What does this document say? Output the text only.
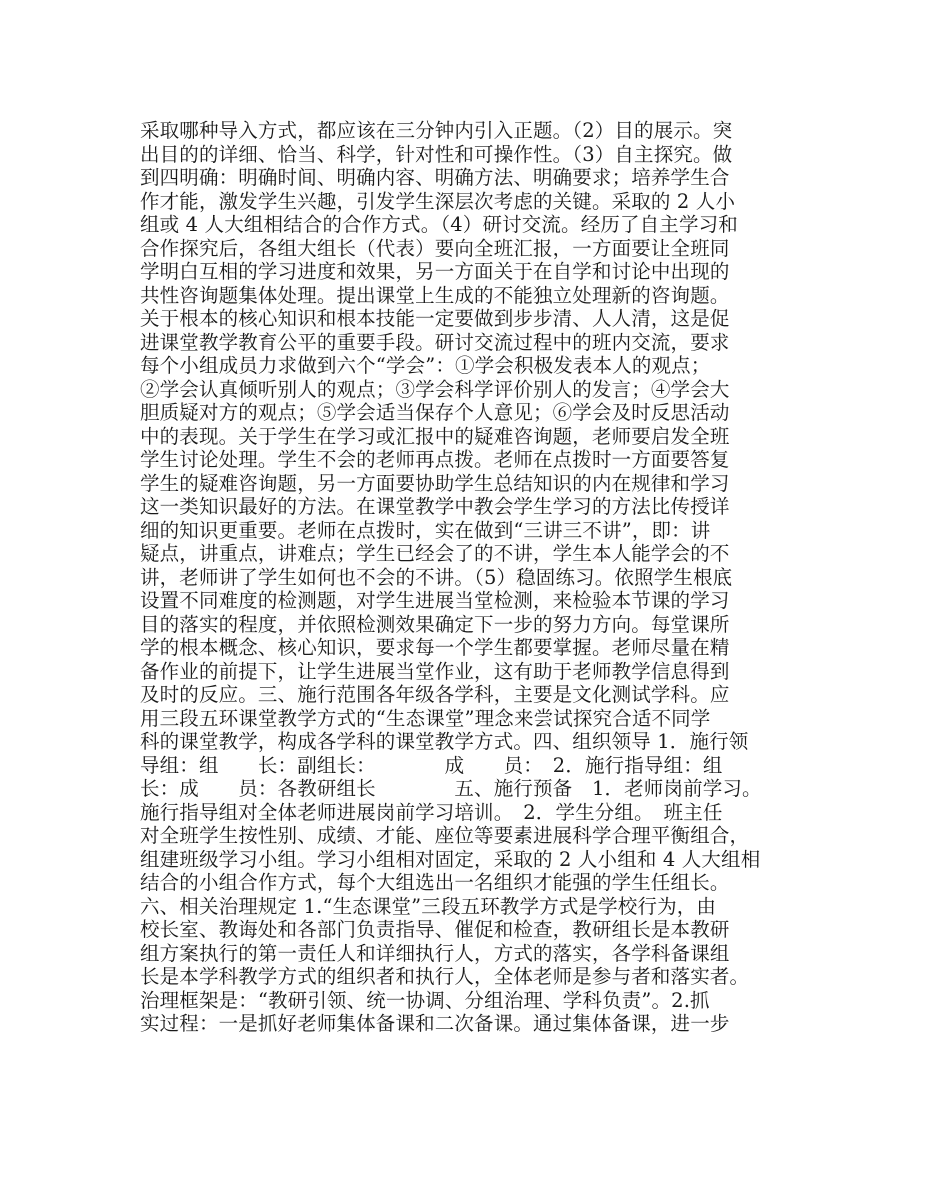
采取哪种导入方式，都应该在三分钟内引入正题。（2）目的展示。突
出目的的详细、恰当、科学，针对性和可操作性。（3）自主探究。做
到四明确：明确时间、明确内容、明确方法、明确要求；培养学生合
作才能，激发学生兴趣，引发学生深层次考虑的关键。采取的 2 人小
组或 4 人大组相结合的合作方式。（4）研讨交流。经历了自主学习和
合作探究后，各组大组长（代表）要向全班汇报，一方面要让全班同
学明白互相的学习进度和效果，另一方面关于在自学和讨论中出现的
共性咨询题集体处理。提出课堂上生成的不能独立处理新的咨询题。
关于根本的核心知识和根本技能一定要做到步步清、人人清，这是促
进课堂教学教育公平的重要手段。研讨交流过程中的班内交流，要求
每个小组成员力求做到六个“学会”：①学会积极发表本人的观点；
②学会认真倾听别人的观点；③学会科学评价别人的发言；④学会大
胆质疑对方的观点；⑤学会适当保存个人意见；⑥学会及时反思活动
中的表现。关于学生在学习或汇报中的疑难咨询题，老师要启发全班
学生讨论处理。学生不会的老师再点拨。老师在点拨时一方面要答复
学生的疑难咨询题，另一方面要协助学生总结知识的内在规律和学习
这一类知识最好的方法。在课堂教学中教会学生学习的方法比传授详
细的知识更重要。老师在点拨时，实在做到“三讲三不讲”，即：讲
疑点，讲重点，讲难点；学生已经会了的不讲，学生本人能学会的不
讲，老师讲了学生如何也不会的不讲。（5）稳固练习。依照学生根底
设置不同难度的检测题，对学生进展当堂检测，来检验本节课的学习
目的落实的程度，并依照检测效果确定下一步的努力方向。每堂课所
学的根本概念、核心知识，要求每一个学生都要掌握。老师尽量在精
备作业的前提下，让学生进展当堂作业，这有助于老师教学信息得到
及时的反应。三、施行范围各年级各学科，主要是文化测试学科。应
用三段五环课堂教学方式的“生态课堂”理念来尝试探究合适不同学
科的课堂教学，构成各学科的课堂教学方式。四、组织领导 1．施行领
导组：组　　长：副组长：　　　　成　　员：　2．施行指导组：组
长：成　　员：各教研组长　　　　五、施行预备　1．老师岗前学习。
施行指导组对全体老师进展岗前学习培训。　2．学生分组。　班主任
对全班学生按性别、成绩、才能、座位等要素进展科学合理平衡组合，
组建班级学习小组。学习小组相对固定，采取的 2 人小组和 4 人大组相
结合的小组合作方式，每个大组选出一名组织才能强的学生任组长。
六、相关治理规定 1.“生态课堂”三段五环教学方式是学校行为，由
校长室、教诲处和各部门负责指导、催促和检查，教研组长是本教研
组方案执行的第一责任人和详细执行人，方式的落实，各学科备课组
长是本学科教学方式的组织者和执行人，全体老师是参与者和落实者。
治理框架是：“教研引领、统一协调、分组治理、学科负责”。2.抓
实过程：一是抓好老师集体备课和二次备课。通过集体备课，进一步
